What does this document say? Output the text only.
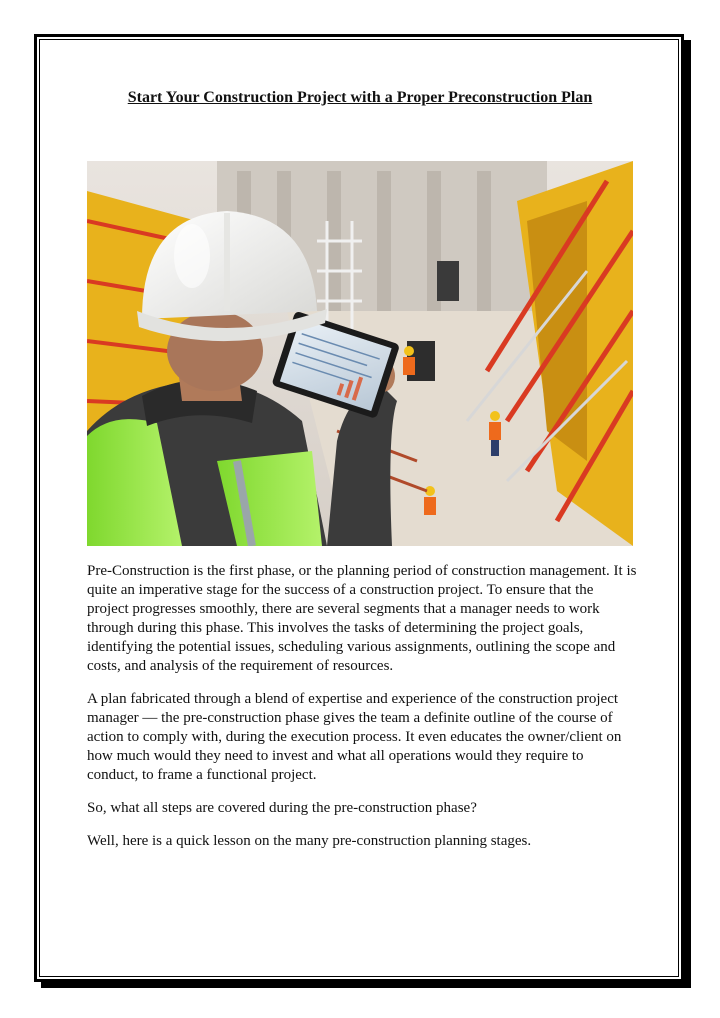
Start Your Construction Project with a Proper Preconstruction Plan

Pre-Construction is the first phase, or the planning period of construction management. It is quite an imperative stage for the success of a construction project. To ensure that the project progresses smoothly, there are several segments that a manager needs to work through during this phase. This involves the tasks of determining the project goals, identifying the potential issues, scheduling various assignments, outlining the scope and costs, and analysis of the requirement of resources.

A plan fabricated through a blend of expertise and experience of the construction project manager — the pre-construction phase gives the team a definite outline of the course of action to comply with, during the execution process. It even educates the owner/client on how much would they need to invest and what all operations would they require to conduct, to frame a functional project.

So, what all steps are covered during the pre-construction phase?

Well, here is a quick lesson on the many pre-construction planning stages.
